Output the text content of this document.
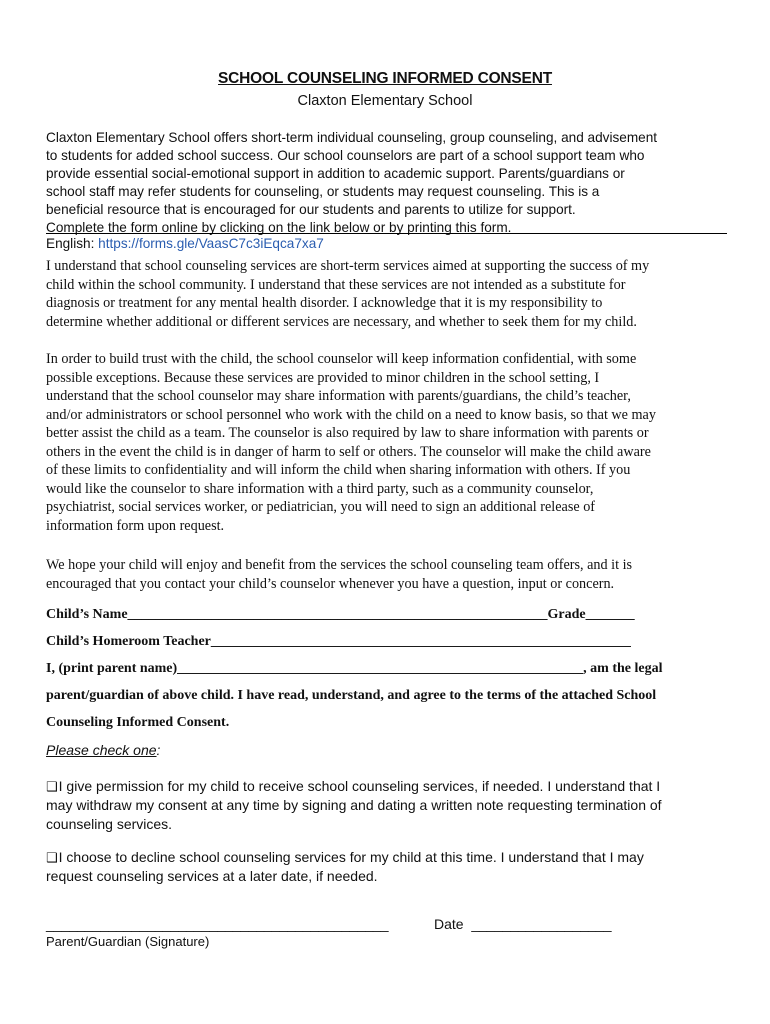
SCHOOL COUNSELING INFORMED CONSENT
Claxton Elementary School

Claxton Elementary School offers short-term individual counseling, group counseling, and advisement

to students for added school success. Our school counselors are part of a school support team who

provide essential social-emotional support in addition to academic support. Parents/guardians or

school staff may refer students for counseling, or students may request counseling. This is a

beneficial resource that is encouraged for our students and parents to utilize for support.

Complete the form online by clicking on the link below or by printing this form.

English: https://forms.gle/VaasC7c3iEqca7xa7

I understand that school counseling services are short-term services aimed at supporting the success of my

child within the school community. I understand that these services are not intended as a substitute for

diagnosis or treatment for any mental health disorder. I acknowledge that it is my responsibility to

determine whether additional or different services are necessary, and whether to seek them for my child.

In order to build trust with the child, the school counselor will keep information confidential, with some

possible exceptions. Because these services are provided to minor children in the school setting, I

understand that the school counselor may share information with parents/guardians, the child’s teacher,

and/or administrators or school personnel who work with the child on a need to know basis, so that we may

better assist the child as a team. The counselor is also required by law to share information with parents or

others in the event the child is in danger of harm to self or others. The counselor will make the child aware

of these limits to confidentiality and will inform the child when sharing information with others. If you

would like the counselor to share information with a third party, such as a community counselor,

psychiatrist, social services worker, or pediatrician, you will need to sign an additional release of

information form upon request.

We hope your child will enjoy and benefit from the services the school counseling team offers, and it is

encouraged that you contact your child’s counselor whenever you have a question, input or concern.

Child’s Name____________________________________________________________Grade_______
Child’s Homeroom Teacher____________________________________________________________
I, (print parent name)__________________________________________________________, am the legal
parent/guardian of above child. I have read, understand, and agree to the terms of the attached School
Counseling Informed Consent.
Please check one:

❑I give permission for my child to receive school counseling services, if needed. I understand that I

may withdraw my consent at any time by signing and dating a written note requesting termination of

counseling services.

❑I choose to decline school counseling services for my child at this time. I understand that I may

request counseling services at a later date, if needed.

____________________________________________	Date __________________
Parent/Guardian (Signature)
